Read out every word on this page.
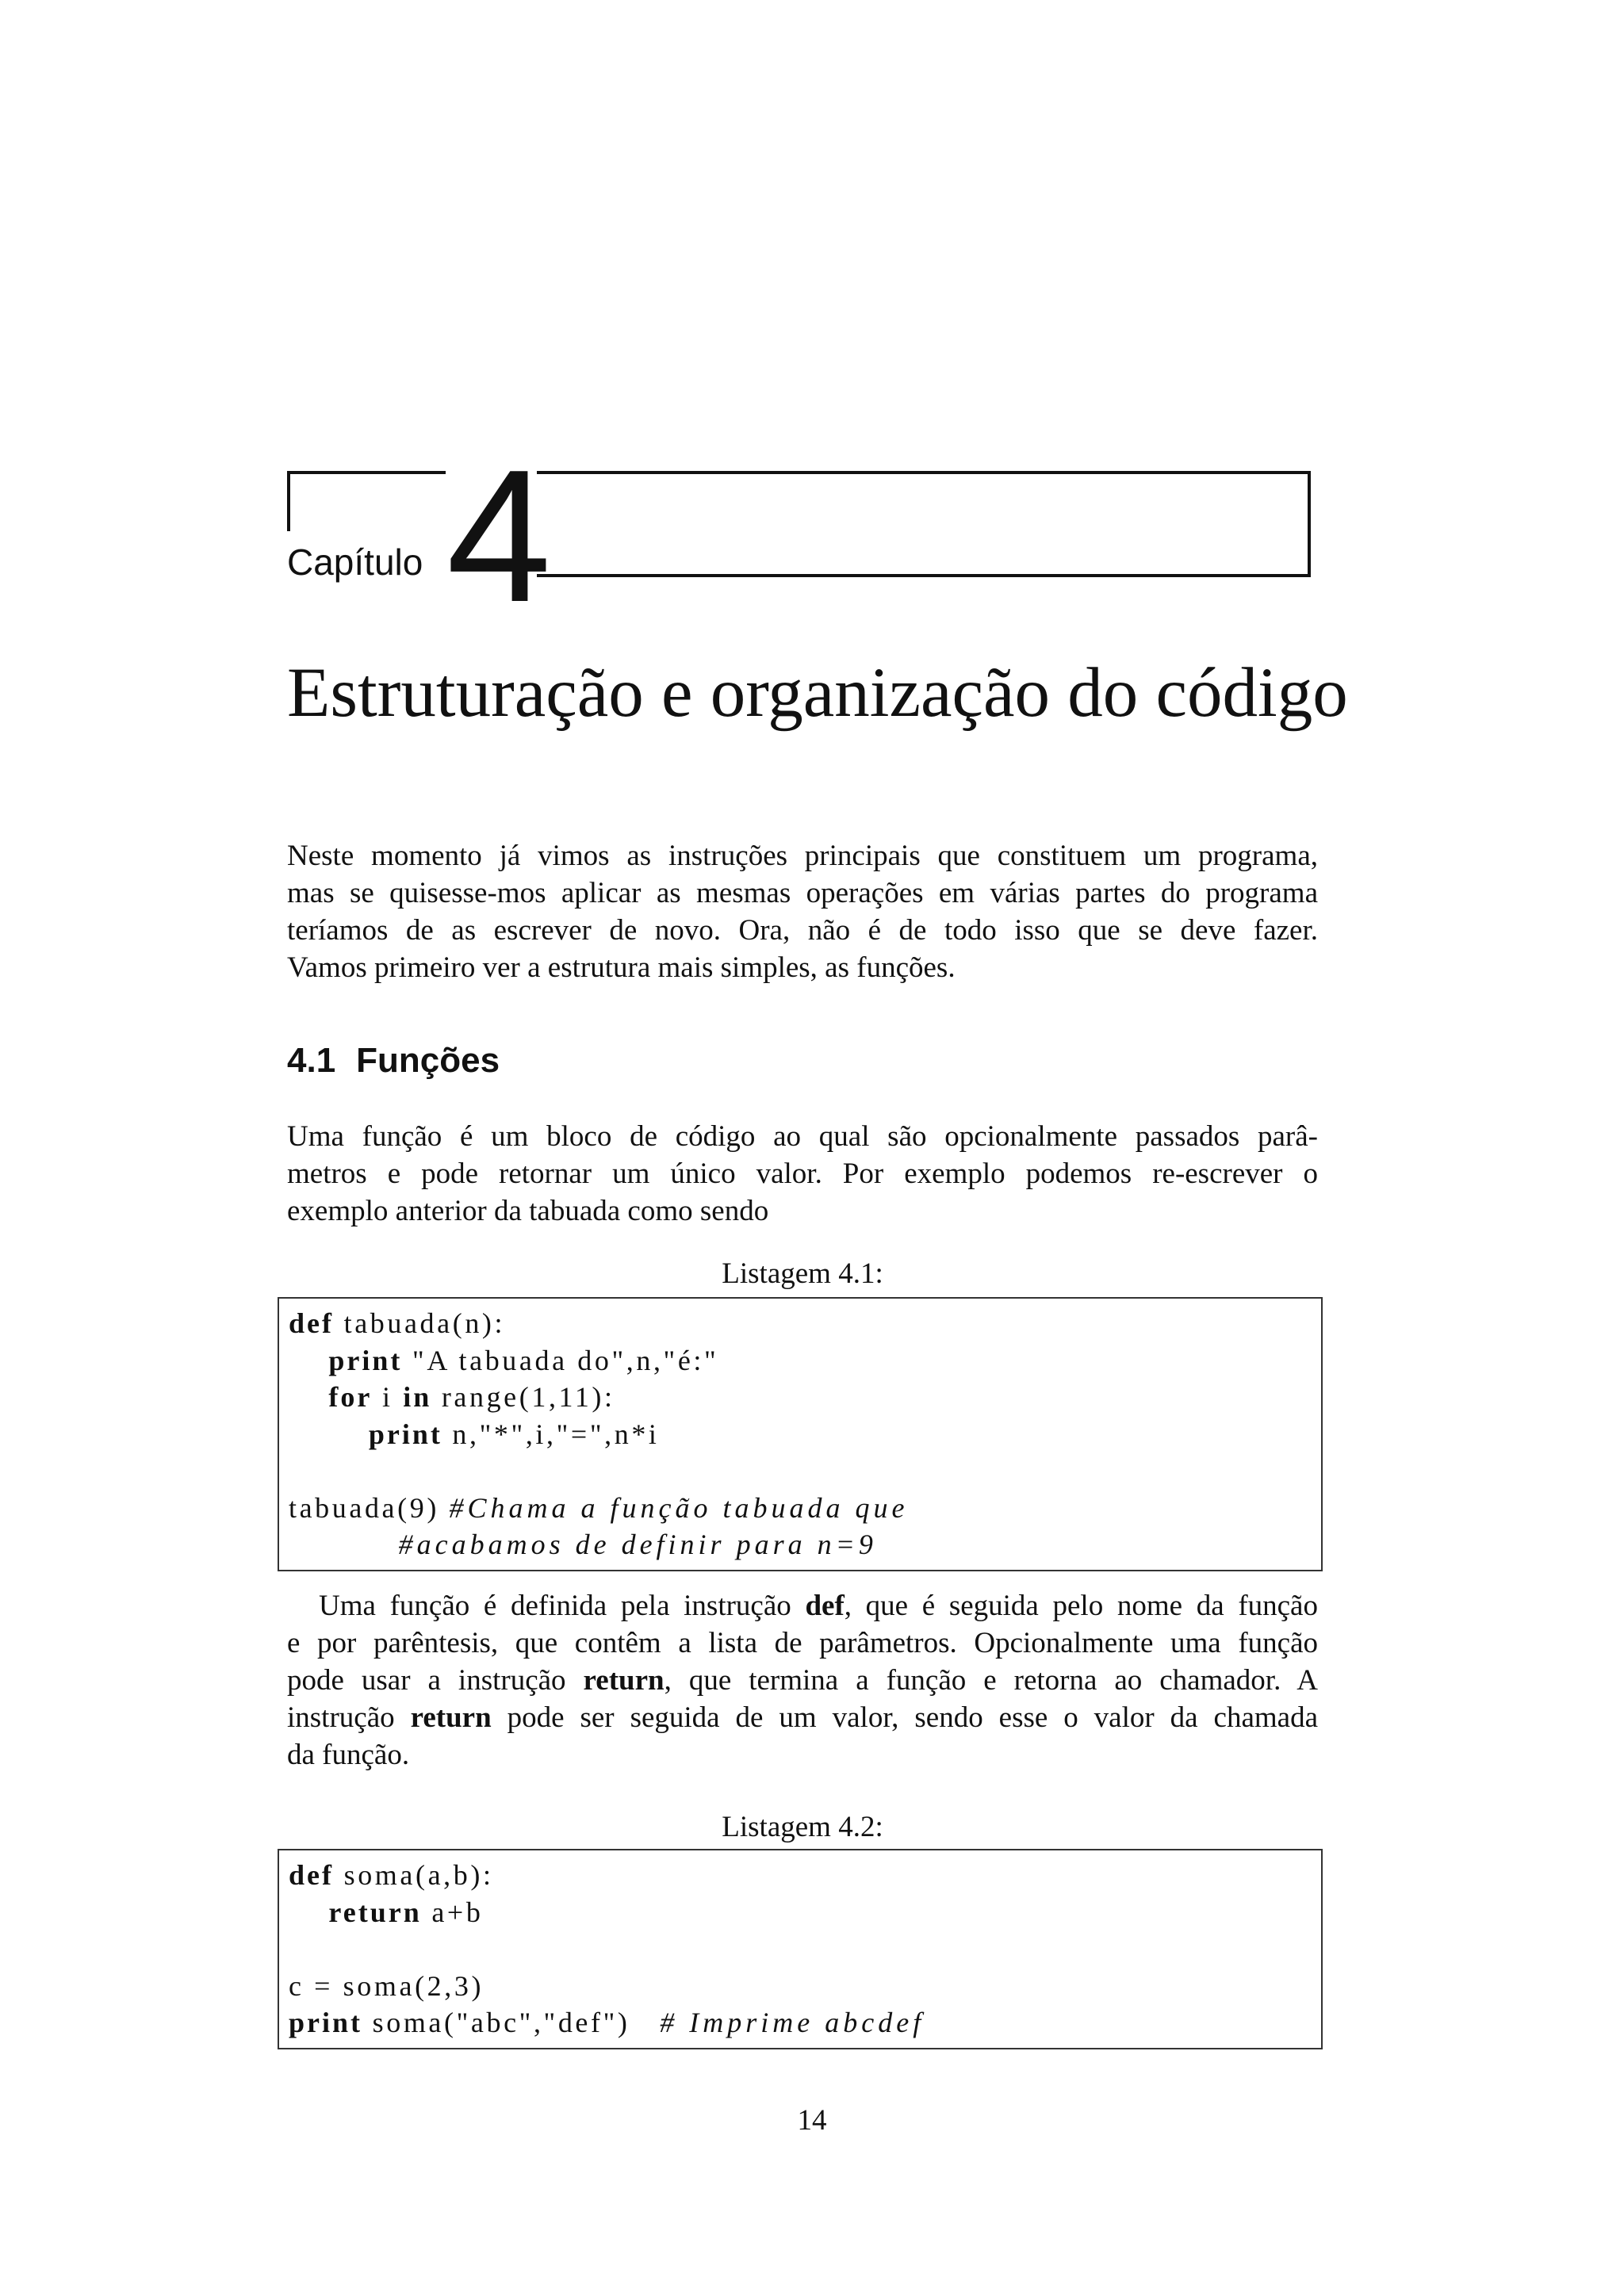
Capítulo 4
Estruturação e organização do código
Neste momento já vimos as instruções principais que constituem um programa,
mas se quisesse-mos aplicar as mesmas operações em várias partes do programa
teríamos de as escrever de novo. Ora, não é de todo isso que se deve fazer.
Vamos primeiro ver a estrutura mais simples, as funções.
4.1 Funções
Uma função é um bloco de código ao qual são opcionalmente passados parâ-
metros e pode retornar um único valor. Por exemplo podemos re-escrever o
exemplo anterior da tabuada como sendo
Listagem 4.1:
def tabuada(n):
print "A tabuada do",n,"é:"
for i in range(1,11):
print n,"*",i,"=",n*i
tabuada(9) #Chama a função tabuada que
#acabamos de definir para n=9
Uma função é definida pela instrução def, que é seguida pelo nome da função
e por parêntesis, que contêm a lista de parâmetros. Opcionalmente uma função
pode usar a instrução return, que termina a função e retorna ao chamador. A
instrução return pode ser seguida de um valor, sendo esse o valor da chamada
da função.
Listagem 4.2:
def soma(a,b):
return a+b
c = soma(2,3)
print soma("abc","def")   # Imprime abcdef
14
